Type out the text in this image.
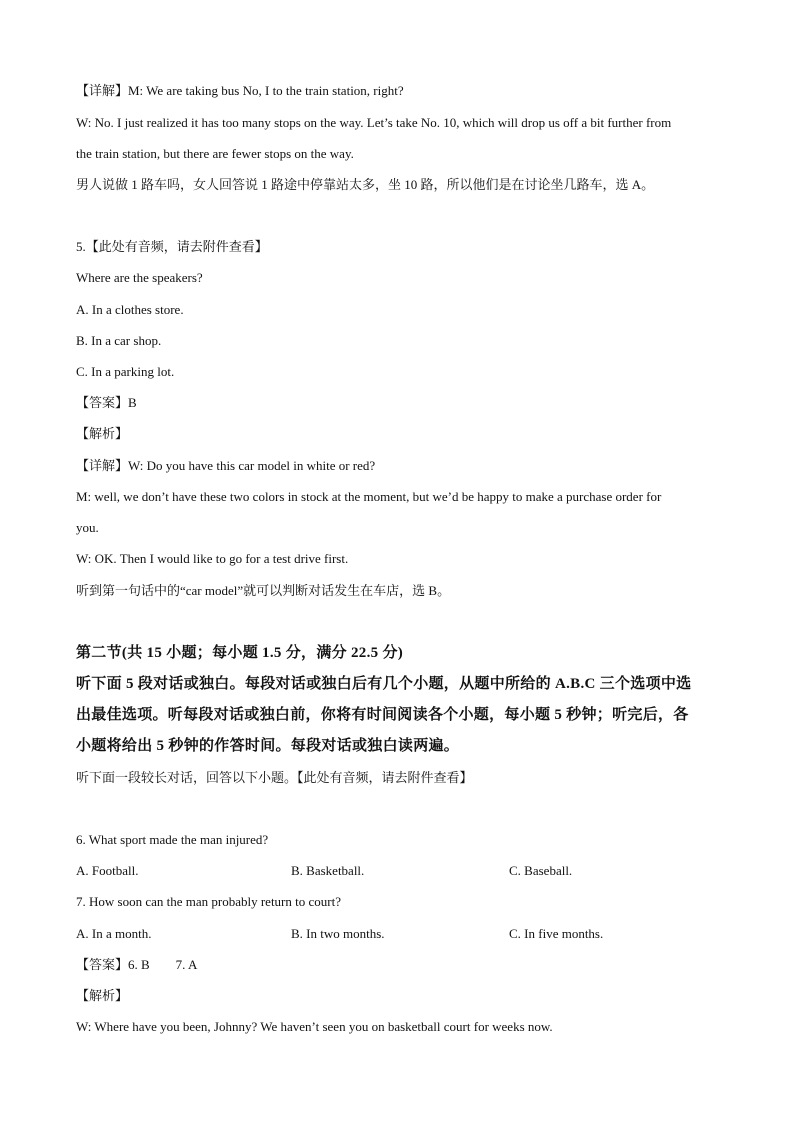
【详解】M: We are taking bus No, I to the train station, right?
W: No. I just realized it has too many stops on the way. Let’s take No. 10, which will drop us off a bit further from
the train station, but there are fewer stops on the way.
男人说做 1 路车吗，女人回答说 1 路途中停靠站太多，坐 10 路，所以他们是在讨论坐几路车，选 A。
5.【此处有音频，请去附件查看】
Where are the speakers?
A. In a clothes store.
B. In a car shop.
C. In a parking lot.
【答案】B
【解析】
【详解】W: Do you have this car model in white or red?
M: well, we don’t have these two colors in stock at the moment, but we’d be happy to make a purchase order for
you.
W: OK. Then I would like to go for a test drive first.
听到第一句话中的“car model”就可以判断对话发生在车店，选 B。
第二节(共 15 小题；每小题 1.5 分，满分 22.5 分)
听下面 5 段对话或独白。每段对话或独白后有几个小题，从题中所给的 A.B.C 三个选项中选
出最佳选项。听每段对话或独白前，你将有时间阅读各个小题，每小题 5 秒钟；听完后，各
小题将给出 5 秒钟的作答时间。每段对话或独白读两遍。
听下面一段较长对话，回答以下小题。【此处有音频，请去附件查看】
6. What sport made the man injured?
A. Football.	B. Basketball.	C. Baseball.
7. How soon can the man probably return to court?
A. In a month.	B. In two months.	C. In five months.
【答案】6. B 7. A
【解析】
W: Where have you been, Johnny? We haven’t seen you on basketball court for weeks now.
